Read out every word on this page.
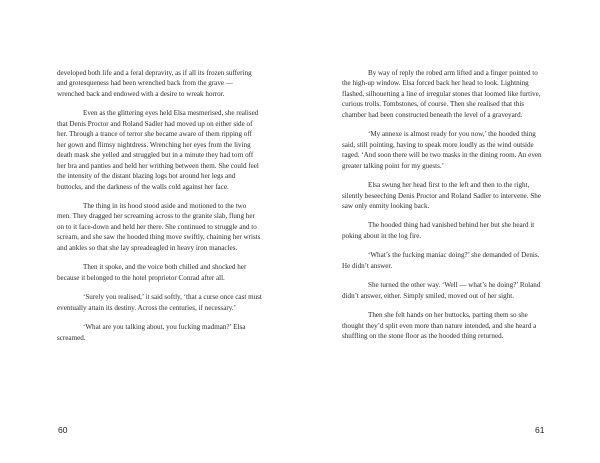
developed both life and a feral depravity, as if all its frozen suffering and grotesqueness had been wrenched back from the grave — wrenched back and endowed with a desire to wreak horror.

Even as the glittering eyes held Elsa mesmerised, she realised that Denis Proctor and Roland Sadler had moved up on either side of her. Through a trance of terror she became aware of them ripping off her gown and flimsy nightdress. Wrenching her eyes from the living death mask she yelled and struggled but in a minute they had torn off her bra and panties and held her writhing between them. She could feel the intensity of the distant blazing logs hot around her legs and buttocks, and the darkness of the walls cold against her face.

The thing in its hood stood aside and motioned to the two men. They dragged her screaming across to the granite slab, flung her on to it face-down and held her there. She continued to struggle and to scream, and she saw the hooded thing move swiftly, chaining her wrists and ankles so that she lay spreadeagled in heavy iron manacles.

Then it spoke, and the voice both chilled and shocked her because it belonged to the hotel proprietor Conrad after all.

‘Surely you realised,’ it said softly, ‘that a curse once cast must eventually attain its destiny. Across the centuries, if necessary.’

‘What are you talking about, you fucking madman?’ Elsa screamed.

By way of reply the robed arm lifted and a finger pointed to the high-up window. Elsa forced back her head to look. Lightning flashed, silhouetting a line of irregular stones that loomed like furtive, curious trolls. Tombstones, of course. Then she realised that this chamber had been constructed beneath the level of a graveyard.

‘My annexe is almost ready for you now,’ the hooded thing said, still pointing, having to speak more loudly as the wind outside raged. ‘And soon there will be two masks in the dining room. An even greater talking point for my guests.’

Elsa swung her head first to the left and then to the right, silently beseeching Denis Proctor and Roland Sadler to intervene. She saw only enmity looking back.

The hooded thing had vanished behind her but she heard it poking about in the log fire.

‘What’s the fucking maniac doing?’ she demanded of Denis. He didn’t answer.

She turned the other way. ‘Well — what’s he doing?’ Roland didn’t answer, either. Simply smiled, moved out of her sight.

Then she felt hands on her buttocks, parting them so she thought they’d split even more than nature intended, and she heard a shuffling on the stone floor as the hooded thing returned.

60	61
